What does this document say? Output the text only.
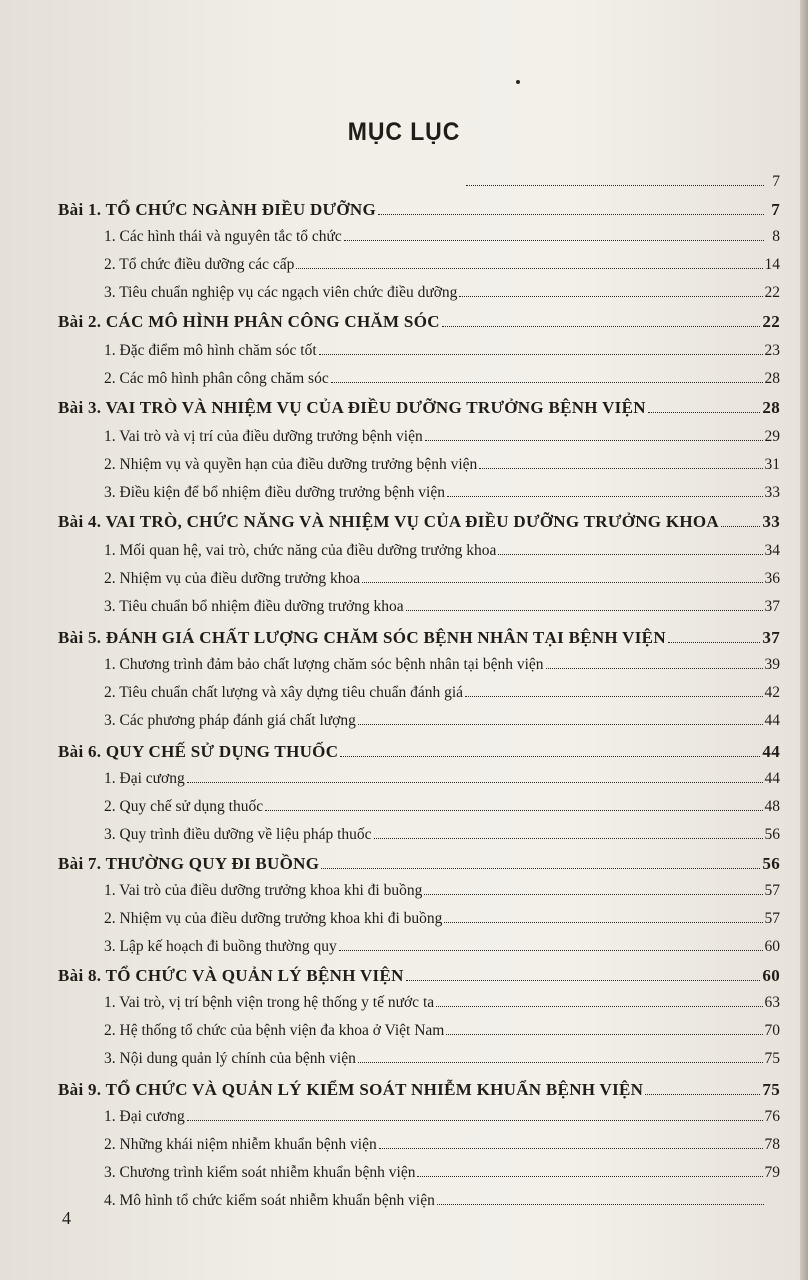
MỤC LỤC
7
Bài 1. TỔ CHỨC NGÀNH ĐIỀU DƯỠNG	7
1. Các hình thái và nguyên tắc tổ chức	8
2. Tổ chức điều dưỡng các cấp	14
3. Tiêu chuẩn nghiệp vụ các ngạch viên chức điều dưỡng	22
Bài 2. CÁC MÔ HÌNH PHÂN CÔNG CHĂM SÓC	22
1. Đặc điểm mô hình chăm sóc tốt	23
2. Các mô hình phân công chăm sóc	28
Bài 3. VAI TRÒ VÀ NHIỆM VỤ CỦA ĐIỀU DƯỠNG TRƯỞNG BỆNH VIỆN	28
1. Vai trò và vị trí của điều dưỡng trưởng bệnh viện	29
2. Nhiệm vụ và quyền hạn của điều dưỡng trưởng bệnh viện	31
3. Điều kiện để bổ nhiệm điều dưỡng trưởng bệnh viện	33
Bài 4. VAI TRÒ, CHỨC NĂNG VÀ NHIỆM VỤ CỦA ĐIỀU DƯỠNG TRƯỞNG KHOA	33
1. Mối quan hệ, vai trò, chức năng của điều dưỡng trưởng khoa	34
2. Nhiệm vụ của điều dưỡng trưởng khoa	36
3. Tiêu chuẩn bổ nhiệm điều dưỡng trưởng khoa	37
Bài 5. ĐÁNH GIÁ CHẤT LƯỢNG CHĂM SÓC BỆNH NHÂN TẠI BỆNH VIỆN	37
1. Chương trình đảm bảo chất lượng chăm sóc bệnh nhân tại bệnh viện	39
2. Tiêu chuẩn chất lượng và xây dựng tiêu chuẩn đánh giá	42
3. Các phương pháp đánh giá chất lượng	44
Bài 6. QUY CHẾ SỬ DỤNG THUỐC	44
1. Đại cương	44
2. Quy chế sử dụng thuốc	48
3. Quy trình điều dưỡng về liệu pháp thuốc	56
Bài 7. THƯỜNG QUY ĐI BUỒNG	56
1. Vai trò của điều dưỡng trưởng khoa khi đi buồng	57
2. Nhiệm vụ của điều dưỡng trưởng khoa khi đi buồng	57
3. Lập kế hoạch đi buồng thường quy	60
Bài 8. TỔ CHỨC VÀ QUẢN LÝ BỆNH VIỆN	60
1. Vai trò, vị trí bệnh viện trong hệ thống y tế nước ta	63
2. Hệ thống tổ chức của bệnh viện đa khoa ở Việt Nam	70
3. Nội dung quản lý chính của bệnh viện	75
Bài 9. TỔ CHỨC VÀ QUẢN LÝ KIỂM SOÁT NHIỄM KHUẨN BỆNH VIỆN	75
1. Đại cương	76
2. Những khái niệm nhiễm khuẩn bệnh viện	78
3. Chương trình kiểm soát nhiễm khuẩn bệnh viện	79
4. Mô hình tổ chức kiểm soát nhiễm khuẩn bệnh viện
4
